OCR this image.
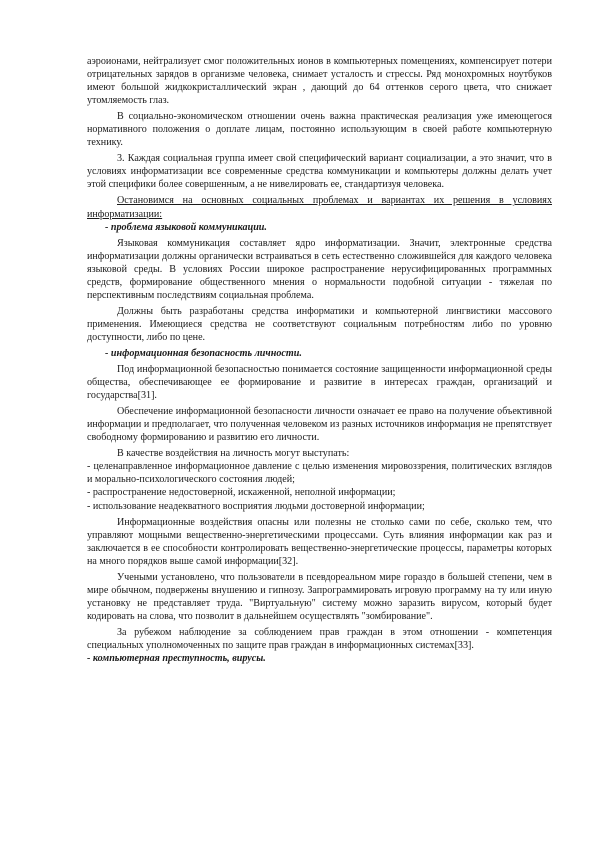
аэроионами, нейтрализует смог положительных ионов в компьютерных помещениях, компенсирует потери отрицательных зарядов в организме человека, снимает усталость и стрессы. Ряд монохромных ноутбуков имеют большой жидкокристаллический экран , дающий до 64 оттенков серого цвета, что снижает утомляемость глаз.

В социально-экономическом отношении очень важна практическая реализация уже имеющегося нормативного положения о доплате лицам, постоянно использующим в своей работе компьютерную технику.

3. Каждая социальная группа имеет свой специфический вариант социализации, а это значит, что в условиях информатизации все современные средства коммуникации и компьютеры должны делать учет этой специфики более совершенным, а не нивелировать ее, стандартизуя человека.

Остановимся на основных социальных проблемах и вариантах их решения в условиях информатизации:

- проблема языковой коммуникации.

Языковая коммуникация составляет ядро информатизации. Значит, электронные средства информатизации должны органически встраиваться в сеть естественно сложившейся для каждого человека языковой среды. В условиях России широкое распространение нерусифицированных программных средств, формирование общественного мнения о нормальности подобной ситуации - тяжелая по перспективным последствиям социальная проблема.

Должны быть разработаны средства информатики и компьютерной лингвистики массового применения. Имеющиеся средства не соответствуют социальным потребностям либо по уровню доступности, либо по цене.

- информационная безопасность личности.

Под информационной безопасностью понимается состояние защищенности информационной среды общества, обеспечивающее ее формирование и развитие в интересах граждан, организаций и государства[31].

Обеспечение информационной безопасности личности означает ее право на получение объективной информации и предполагает, что полученная человеком из разных источников информация не препятствует свободному формированию и развитию его личности.

В качестве воздействия на личность могут выступать:

- целенаправленное информационное давление с целью изменения мировоззрения, политических взглядов и морально-психологического состояния людей;

- распространение недостоверной, искаженной, неполной информации;

- использование неадекватного восприятия людьми достоверной информации;

Информационные воздействия опасны или полезны не столько сами по себе, сколько тем, что управляют мощными вещественно-энергетическими процессами. Суть влияния информации как раз и заключается в ее способности контролировать вещественно-энергетические процессы, параметры которых на много порядков выше самой информации[32].

Учеными установлено, что пользователи в псевдореальном мире гораздо в большей степени, чем в мире обычном, подвержены внушению и гипнозу. Запрограммировать игровую программу на ту или иную установку не представляет труда. "Виртуальную" систему можно заразить вирусом, который будет кодировать на слова, что позволит в дальнейшем осуществлять "зомбирование".

За рубежом наблюдение за соблюдением прав граждан в этом отношении - компетенция специальных уполномоченных по защите прав граждан в информационных системах[33].

- компьютерная преступность, вирусы.
